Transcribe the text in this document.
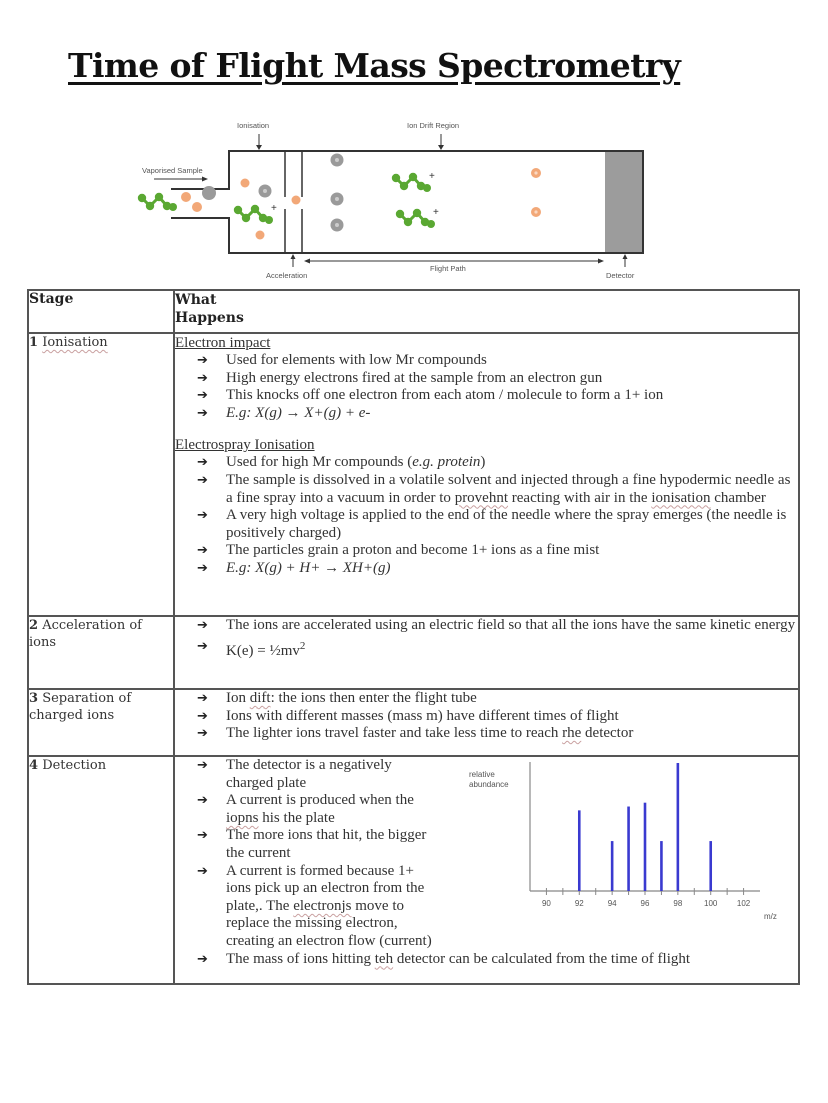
Time of Flight Mass Spectrometry
Ionisation	Ion Drift Region
Vaporised Sample
+
+
+
Acceleration
Flight Path
Detector
Stage	What
Happens
1 Ionisation	Electron impact
➔ Used for elements with low Mr compounds
➔ High energy electrons fired at the sample from an electron gun
➔ This knocks off one electron from each atom / molecule to form a 1+ ion
➔ E.g: X(g) → X+(g) + e-
Electrospray Ionisation
➔ Used for high Mr compounds (e.g. protein)
➔ The sample is dissolved in a volatile solvent and injected through a fine hypodermic needle as a fine spray into a vacuum in order to provehnt reacting with air in the ionisation chamber
➔ A very high voltage is applied to the end of the needle where the spray emerges (the needle is positively charged)
➔ The particles grain a proton and become 1+ ions as a fine mist
➔ E.g: X(g) + H+ → XH+(g)

2 Acceleration of ions	
➔ The ions are accelerated using an electric field so that all the ions have the same kinetic energy
➔ $K(e) = \frac{1}{2}mv^2$

3 Separation of charged ions	
➔ Ion dift: the ions then enter the flight tube
➔ Ions with different masses (mass m) have different times of flight
➔ The lighter ions travel faster and take less time to reach rhe detector

4 Detection	
➔The detector is a negatively charged plate
➔ A current is produced when the iopns his the plate
➔ The more ions that hit, the bigger the current
➔ A current is formed because 1+ ions pick up an electron from the plate,. The electronjs move to replace the missing electron, creating an electron flow (current)
➔ The mass of ions hitting teh detector can be calculated from the time of flight
relative
abundance
90	92	94	96	98	100 102
m/z
